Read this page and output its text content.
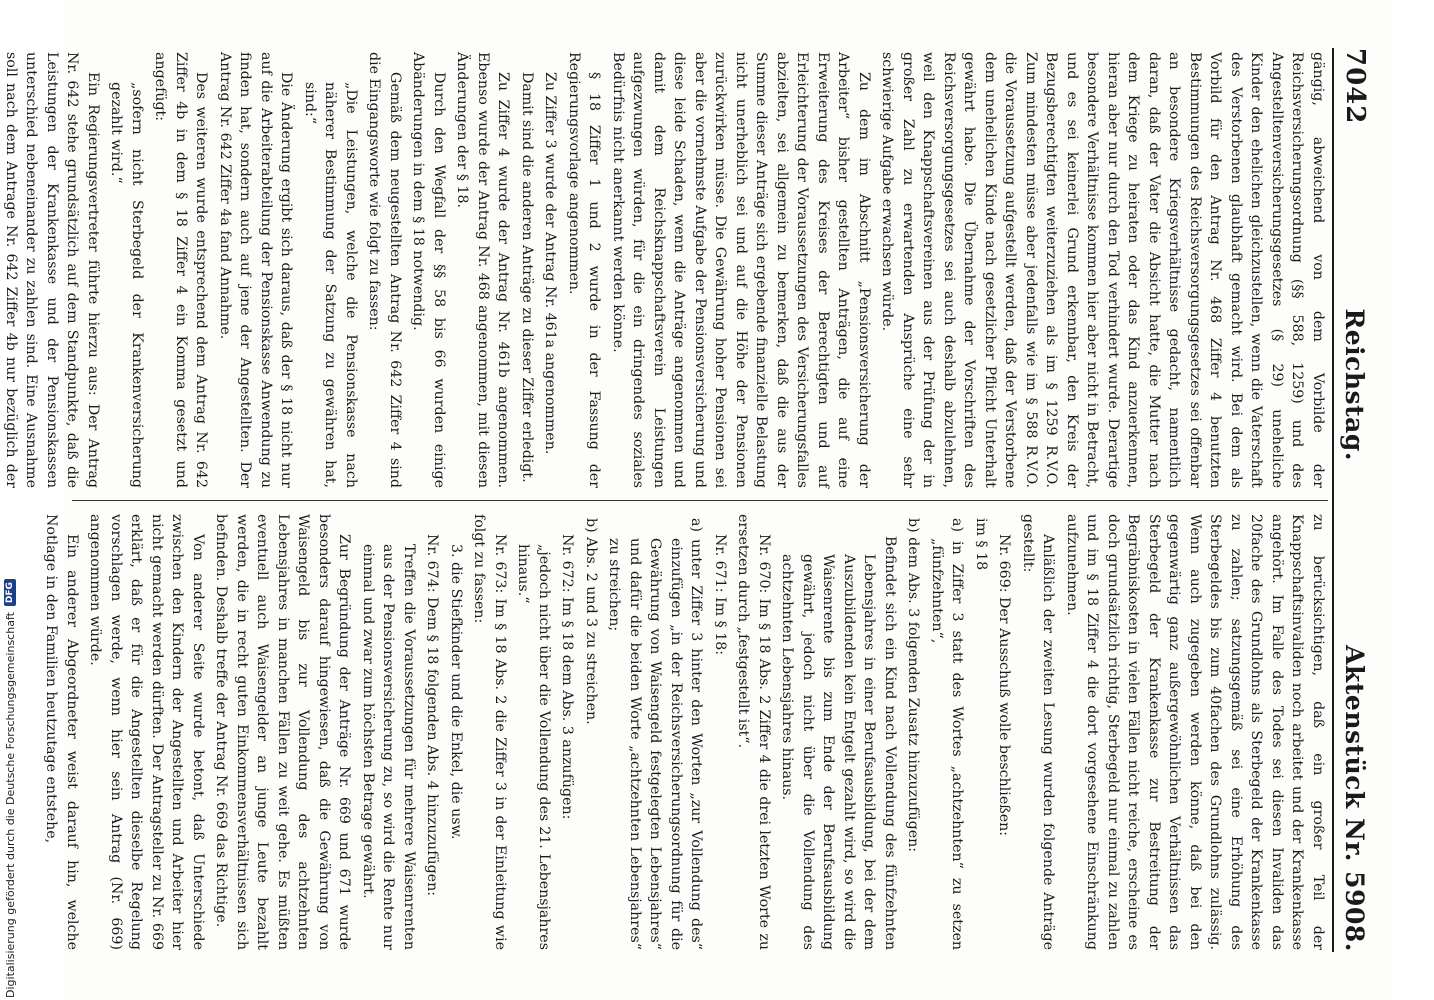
7042
Reichstag.
Aktenstück Nr. 5908.

gängig, abweichend von dem Vorbilde der Reichsversicherungsordnung (§§ 588, 1259) und des Angestelltenversicherungsgesetzes (§ 29) uneheliche Kinder den ehelichen gleichzustellen, wenn die Vaterschaft des Verstorbenen glaubhaft gemacht wird. Bei dem als Vorbild für den Antrag Nr. 468 Ziffer 4 benutzten Bestimmungen des Reichsversorgungsgesetzes sei offenbar an besondere Kriegsverhältnisse gedacht, namentlich daran, daß der Vater die Absicht hatte, die Mutter nach dem Kriege zu heiraten oder das Kind anzuerkennen, hieran aber nur durch den Tod verhindert wurde. Derartige besondere Verhältnisse kommen hier aber nicht in Betracht, und es sei keinerlei Grund erkennbar, den Kreis der Bezugsberechtigten weiterzuziehen als im § 1259 R.V.O. Zum mindesten müsse aber jedenfalls wie im § 588 R.V.O. die Voraussetzung aufgestellt werden, daß der Verstorbene dem unehelichen Kinde nach gesetzlicher Pflicht Unterhalt gewährt habe. Die Übernahme der Vorschriften des Reichsversorgungsgesetzes sei auch deshalb abzulehnen, weil den Knappschaftsvereinen aus der Prüfung der in großer Zahl zu erwartenden Ansprüche eine sehr schwierige Aufgabe erwachsen würde.

Zu dem im Abschnitt „Pensionsversicherung der Arbeiter“ bisher gestellten Anträgen, die auf eine Erweiterung des Kreises der Berechtigten und auf Erleichterung der Voraussetzungen des Versicherungsfalles abzielten, sei allgemein zu bemerken, daß die aus der Summe dieser Anträge sich ergebende finanzielle Belastung nicht unerheblich sei und auf die Höhe der Pensionen zurückwirken müsse. Die Gewährung hoher Pensionen sei aber die vornehmste Aufgabe der Pensionsversicherung und diese leide Schaden, wenn die Anträge angenommen und damit dem Reichsknappschaftsverein Leistungen aufgezwungen würden, für die ein dringendes soziales Bedürfnis nicht anerkannt werden könne.

§ 18 Ziffer 1 und 2 wurde in der Fassung der Regierungsvorlage angenommen.

Zu Ziffer 3 wurde der Antrag Nr. 461a angenommen.

Damit sind die anderen Anträge zu dieser Ziffer erledigt.

Zu Ziffer 4 wurde der Antrag Nr. 461b angenommen. Ebenso wurde der Antrag Nr. 468 angenommen, mit diesen Änderungen der § 18.

Durch den Wegfall der §§ 58 bis 66 wurden einige Abänderungen in dem § 18 notwendig.

Gemäß dem neugestellten Antrag Nr. 642 Ziffer 4 sind die Eingangsworte wie folgt zu fassen:

„Die Leistungen, welche die Pensionskasse nach näherer Bestimmung der Satzung zu gewähren hat, sind:“

Die Änderung ergibt sich daraus, daß der § 18 nicht nur auf die Arbeiterabteilung der Pensionskasse Anwendung zu finden hat, sondern auch auf jene der Angestellten. Der Antrag Nr. 642 Ziffer 4a fand Annahme.

Des weiteren wurde entsprechend dem Antrag Nr. 642 Ziffer 4b in dem § 18 Ziffer 4 ein Komma gesetzt und angefügt:

„sofern nicht Sterbegeld der Krankenversicherung gezahlt wird.“

Ein Regierungsvertreter führte hierzu aus: Der Antrag Nr. 642 stehe grundsätzlich auf dem Standpunkte, daß die Leistungen der Krankenkasse und der Pensionskassen unterschied nebeneinander zu zahlen sind. Eine Ausnahme soll nach dem Antrage Nr. 642 Ziffer 4b nur bezüglich der

zu berücksichtigen, daß ein großer Teil der Knappschaftsinvaliden noch arbeitet und der Krankenkasse angehört. Im Falle des Todes sei diesen Invaliden das 20fache des Grundlohns als Sterbegeld der Krankenkasse zu zahlen; satzungsgemäß sei eine Erhöhung des Sterbegeldes bis zum 40fachen des Grundlohns zulässig. Wenn auch zugegeben werden könne, daß bei den gegenwärtig ganz außergewöhnlichen Verhältnissen das Sterbegeld der Krankenkasse zur Bestreitung der Begräbniskosten in vielen Fällen nicht reiche, erscheine es doch grundsätzlich richtig, Sterbegeld nur einmal zu zahlen und im § 18 Ziffer 4 die dort vorgesehene Einschränkung aufzunehmen.

Anläßlich der zweiten Lesung wurden folgende Anträge gestellt:

Nr. 669: Der Ausschuß wolle beschließen:

im § 18

a) in Ziffer 3 statt des Wortes „achtzehnten“ zu setzen „fünfzehnten“,

b) dem Abs. 3 folgenden Zusatz hinzuzufügen:

Befindet sich ein Kind nach Vollendung des fünfzehnten Lebensjahres in einer Berufsausbildung, bei der dem Auszubildenden kein Entgelt gezahlt wird, so wird die Waisenrente bis zum Ende der Berufsausbildung gewährt, jedoch nicht über die Vollendung des achtzehnten Lebensjahres hinaus.

Nr. 670: Im § 18 Abs. 2 Ziffer 4 die drei letzten Worte zu ersetzen durch „festgestellt ist“.

Nr. 671: Im § 18:

a) unter Ziffer 3 hinter den Worten „zur Vollendung des“ einzufügen „in der Reichsversicherungsordnung für die Gewährung von Waisengeld festgelegten Lebensjahres“ und dafür die beiden Worte „achtzehnten Lebensjahres“ zu streichen;

b) Abs. 2 und 3 zu streichen.

Nr. 672: Im § 18 dem Abs. 3 anzufügen:

„jedoch nicht über die Vollendung des 21. Lebensjahres hinaus.“

Nr. 673: Im § 18 Abs. 2 die Ziffer 3 in der Einleitung wie folgt zu fassen:

3. die Stiefkinder und die Enkel, die usw.

Nr. 674: Dem § 18 folgenden Abs. 4 hinzuzufügen:

Treffen die Voraussetzungen für mehrere Waisenrenten aus der Pensionsversicherung zu, so wird die Rente nur einmal und zwar zum höchsten Betrage gewährt.

Zur Begründung der Anträge Nr. 669 und 671 wurde besonders darauf hingewiesen, daß die Gewährung von Waisengeld bis zur Vollendung des achtzehnten Lebensjahres in manchen Fällen zu weit gehe. Es müßten eventuell auch Waisengelder an junge Leute bezahlt werden, die in recht guten Einkommensverhältnissen sich befinden. Deshalb treffe der Antrag Nr. 669 das Richtige.

Von anderer Seite wurde betont, daß Unterschiede zwischen den Kindern der Angestellten und Arbeiter hier nicht gemacht werden dürften. Der Antragsteller zu Nr. 669 erklärt, daß er für die Angestellten dieselbe Regelung vorschlagen werde, wenn hier sein Antrag (Nr. 669) angenommen würde.

Ein anderer Abgeordneter weist darauf hin, welche Notlage in den Familien heutzutage entstehe,

Digitalisierung gefördert durch die Deutsche Forschungsgemeinschaft
DFG
